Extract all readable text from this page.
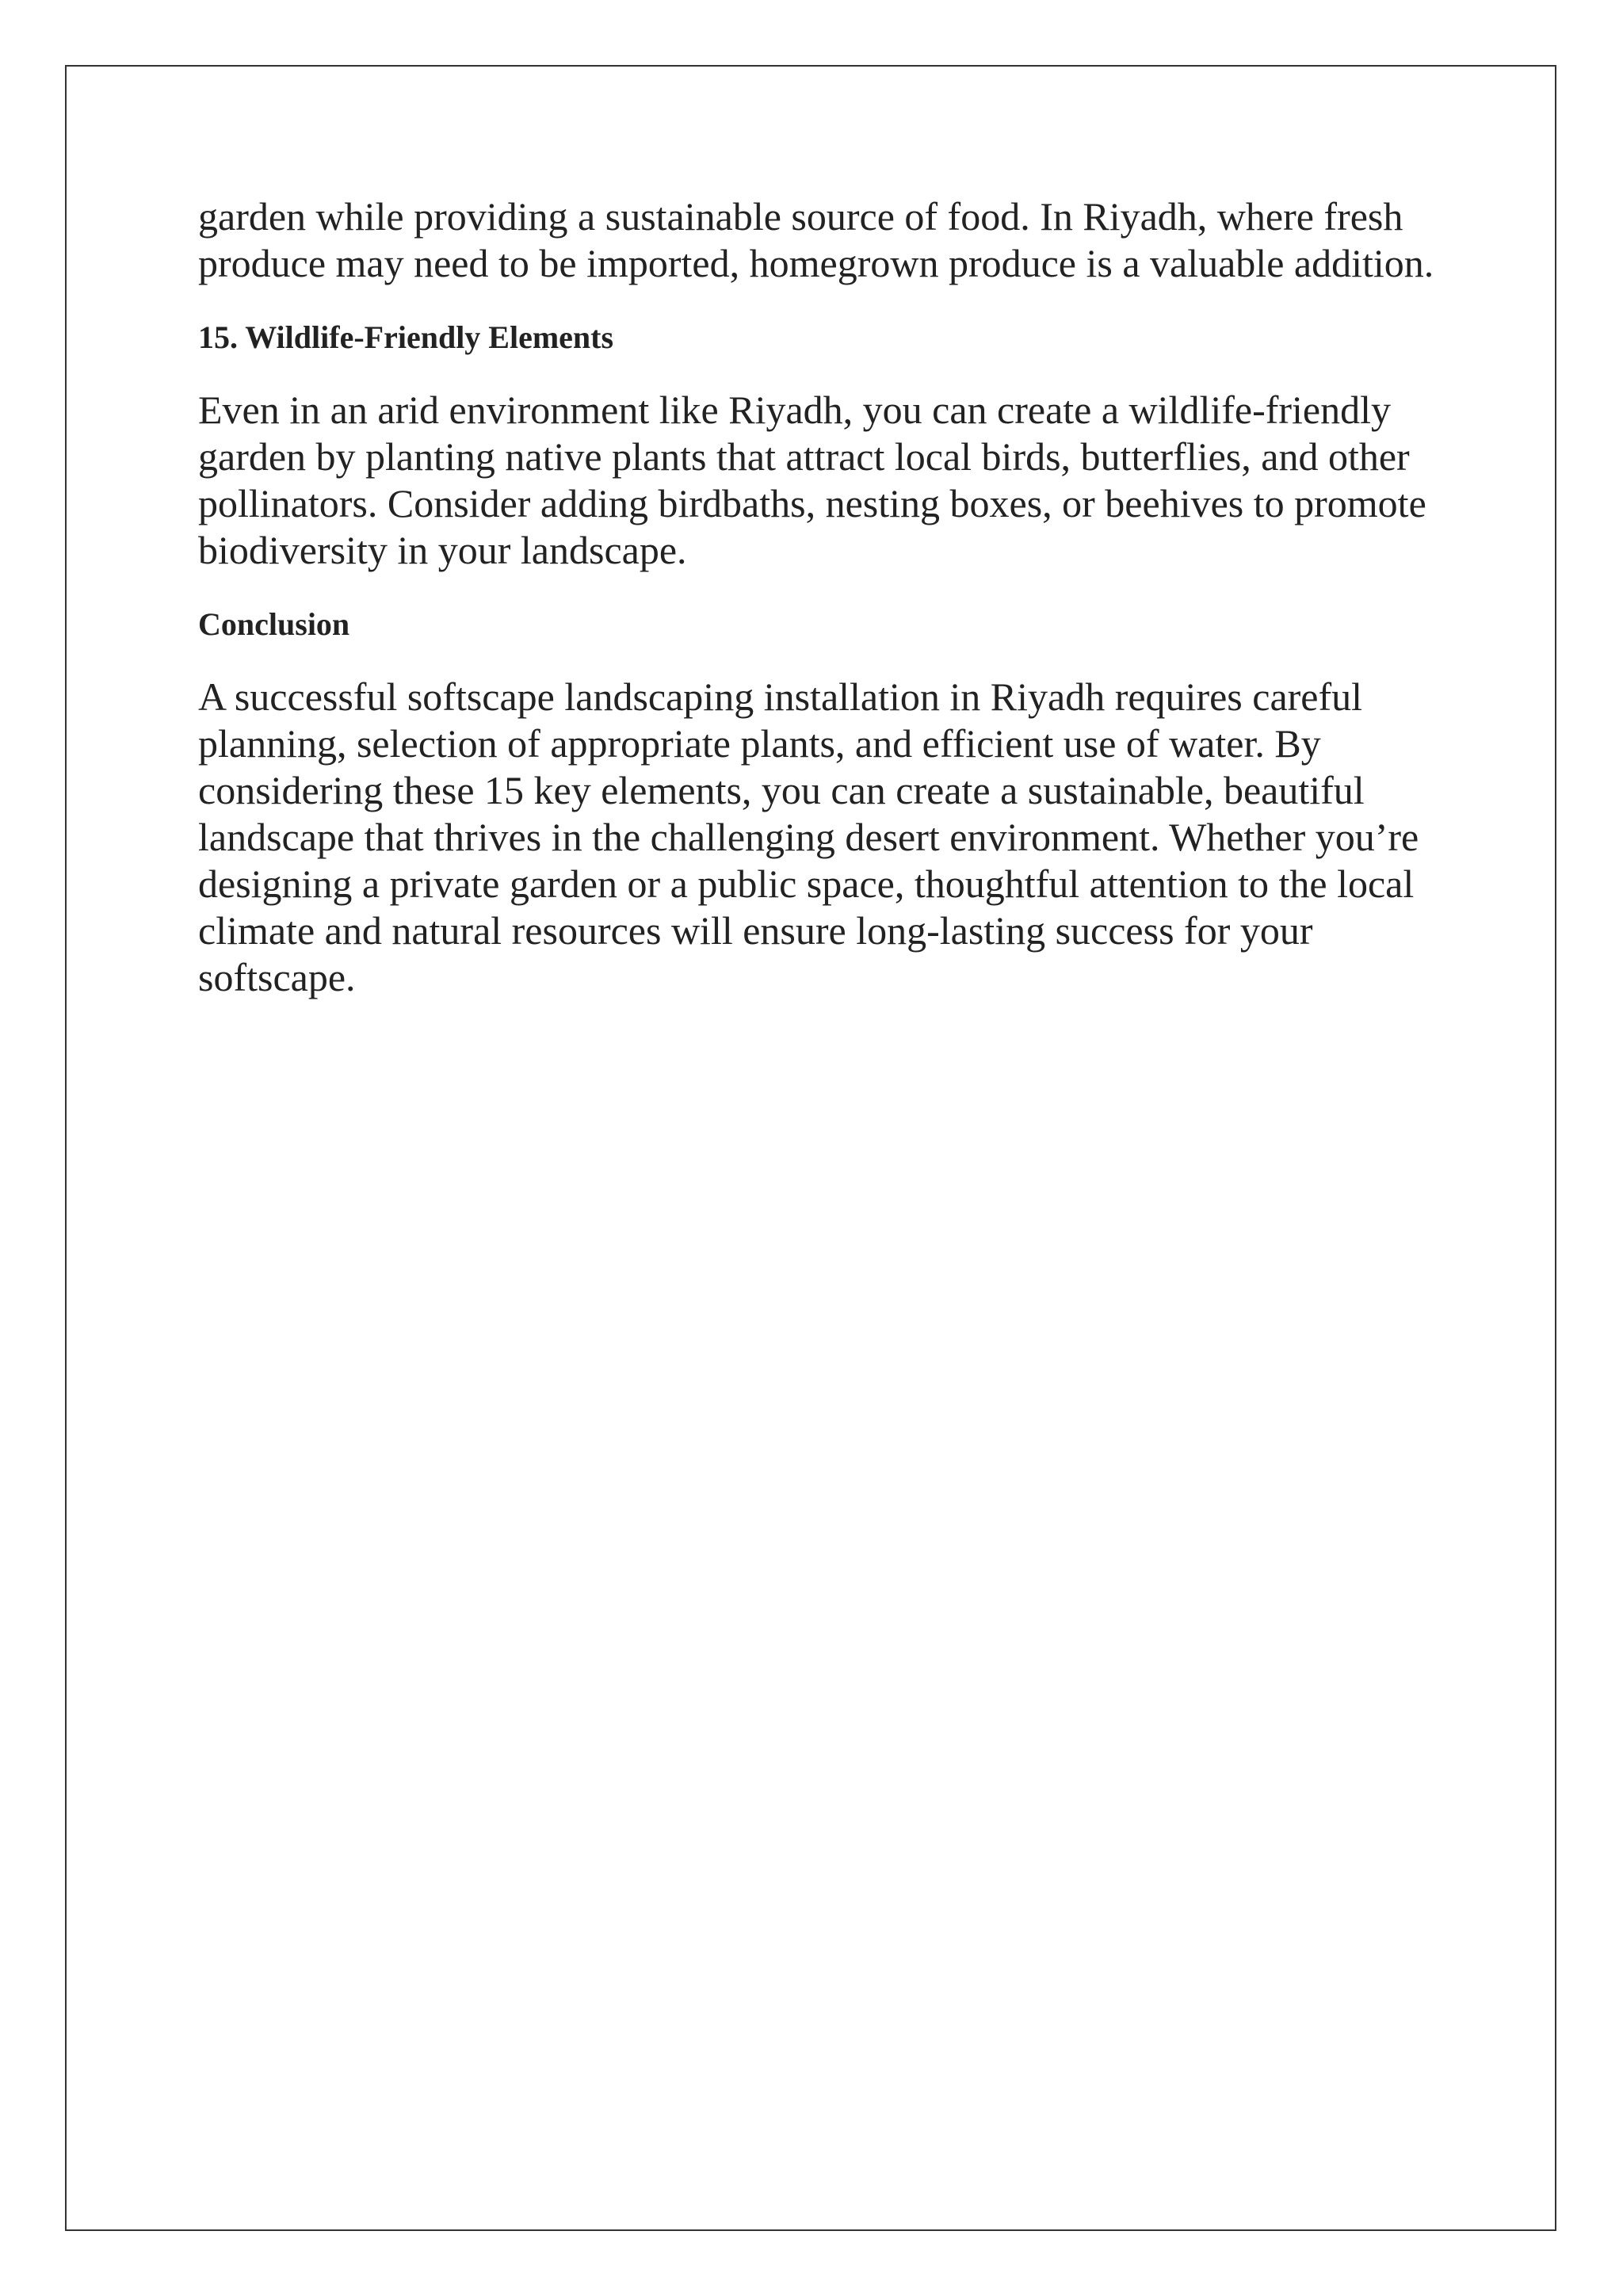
garden while providing a sustainable source of food. In Riyadh, where fresh produce may need to be imported, homegrown produce is a valuable addition.

15. Wildlife-Friendly Elements

Even in an arid environment like Riyadh, you can create a wildlife-friendly garden by planting native plants that attract local birds, butterflies, and other pollinators. Consider adding birdbaths, nesting boxes, or beehives to promote biodiversity in your landscape.

Conclusion

A successful softscape landscaping installation in Riyadh requires careful planning, selection of appropriate plants, and efficient use of water. By considering these 15 key elements, you can create a sustainable, beautiful landscape that thrives in the challenging desert environment. Whether you’re designing a private garden or a public space, thoughtful attention to the local climate and natural resources will ensure long-lasting success for your softscape.
